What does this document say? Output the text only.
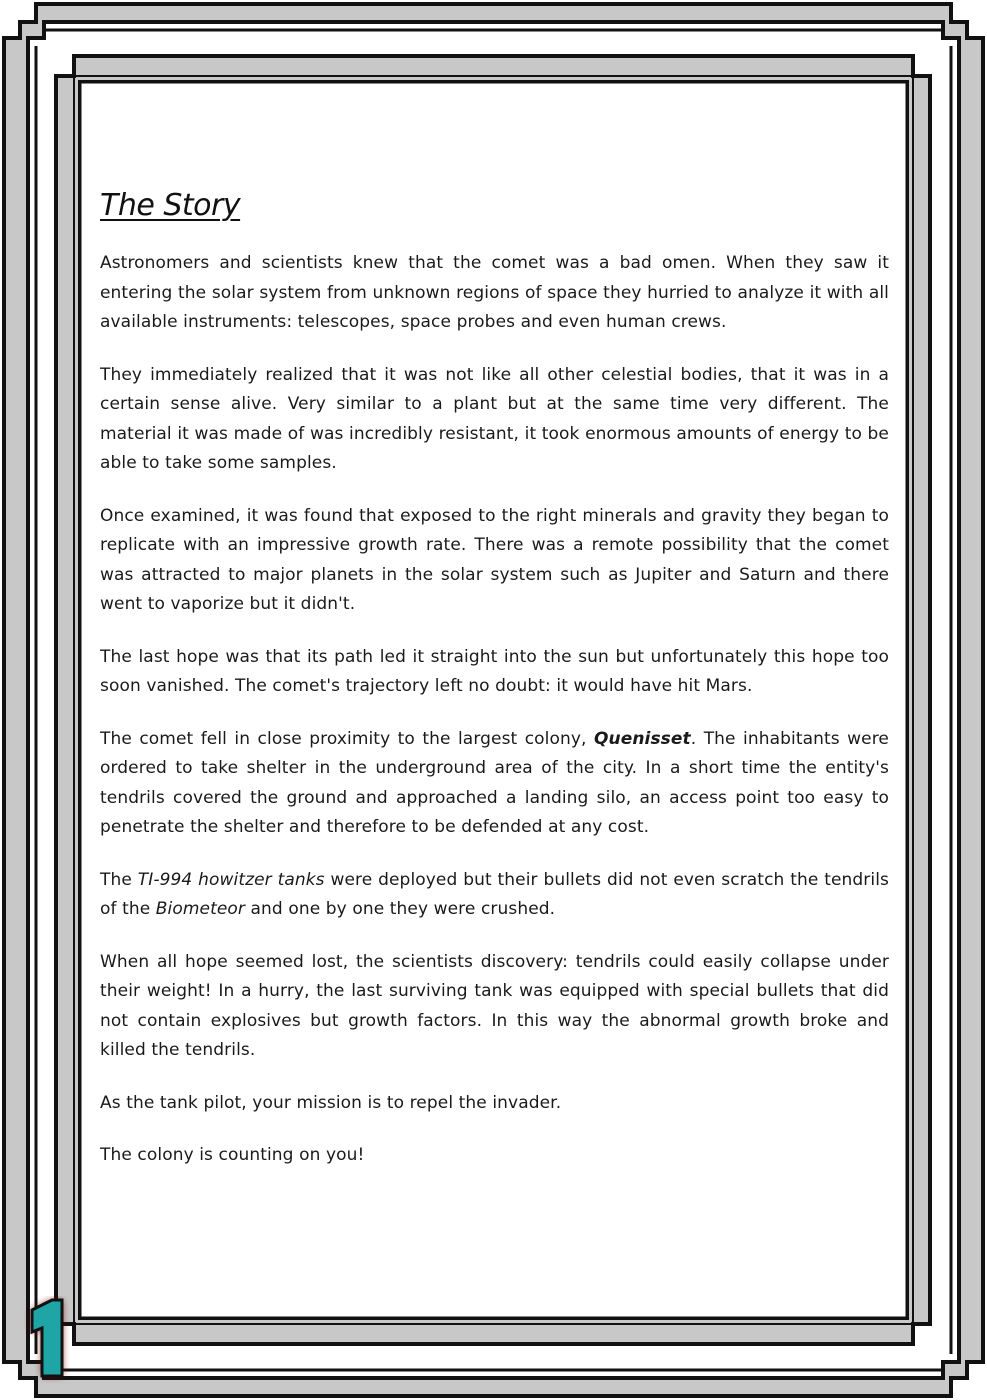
The Story

Astronomers and scientists knew that the comet was a bad omen. When they saw it entering the solar system from unknown regions of space they hurried to analyze it with all available instruments: telescopes, space probes and even human crews.

They immediately realized that it was not like all other celestial bodies, that it was in a certain sense alive. Very similar to a plant but at the same time very different. The material it was made of was incredibly resistant, it took enormous amounts of energy to be able to take some samples.

Once examined, it was found that exposed to the right minerals and gravity they began to replicate with an impressive growth rate. There was a remote possibility that the comet was attracted to major planets in the solar system such as Jupiter and Saturn and there went to vaporize but it didn't.

The last hope was that its path led it straight into the sun but unfortunately this hope too soon vanished. The comet's trajectory left no doubt: it would have hit Mars.

The comet fell in close proximity to the largest colony, Quenisset. The inhabitants were ordered to take shelter in the underground area of the city. In a short time the entity's tendrils covered the ground and approached a landing silo, an access point too easy to penetrate the shelter and therefore to be defended at any cost.

The TI-994 howitzer tanks were deployed but their bullets did not even scratch the tendrils of the Biometeor and one by one they were crushed.

When all hope seemed lost, the scientists discovery: tendrils could easily collapse under their weight! In a hurry, the last surviving tank was equipped with special bullets that did not contain explosives but growth factors. In this way the abnormal growth broke and killed the tendrils.

As the tank pilot, your mission is to repel the invader.

The colony is counting on you!

1
